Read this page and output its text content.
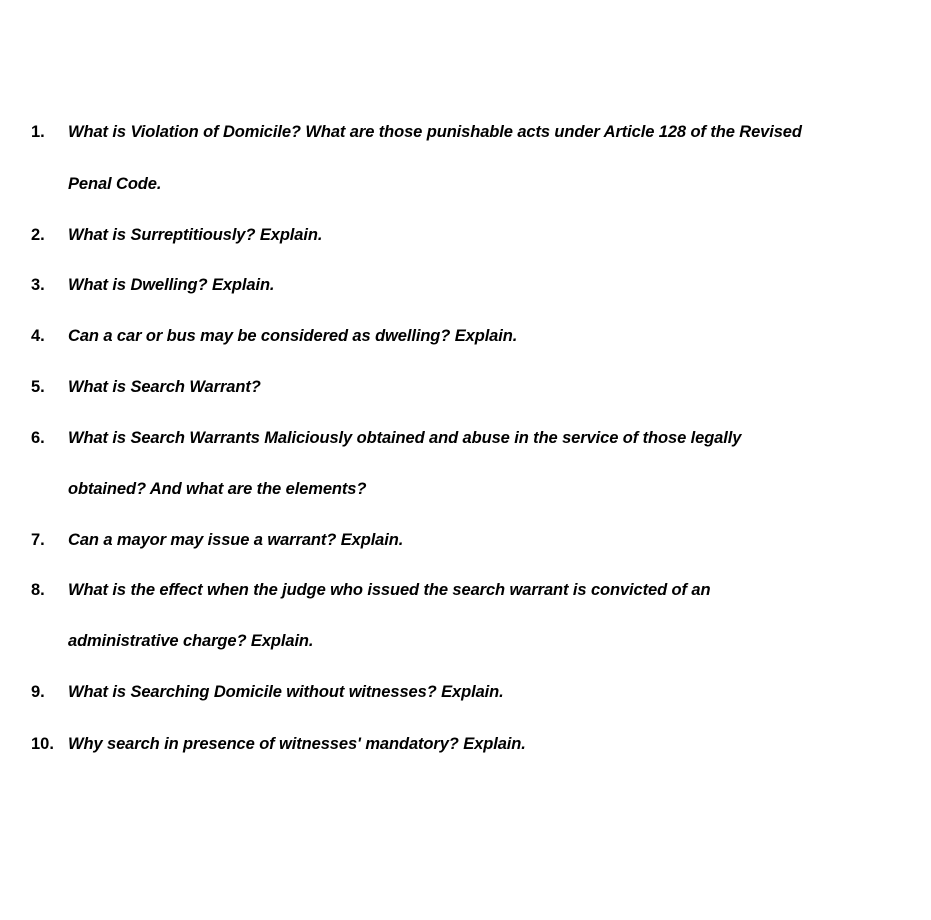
1. What is Violation of Domicile? What are those punishable acts under Article 128 of the Revised
Penal Code.
2. What is Surreptitiously? Explain.
3. What is Dwelling? Explain.
4. Can a car or bus may be considered as dwelling? Explain.
5. What is Search Warrant?
6. What is Search Warrants Maliciously obtained and abuse in the service of those legally
obtained? And what are the elements?
7. Can a mayor may issue a warrant? Explain.
8. What is the effect when the judge who issued the search warrant is convicted of an
administrative charge? Explain.
9. What is Searching Domicile without witnesses? Explain.
10. Why search in presence of witnesses' mandatory? Explain.
